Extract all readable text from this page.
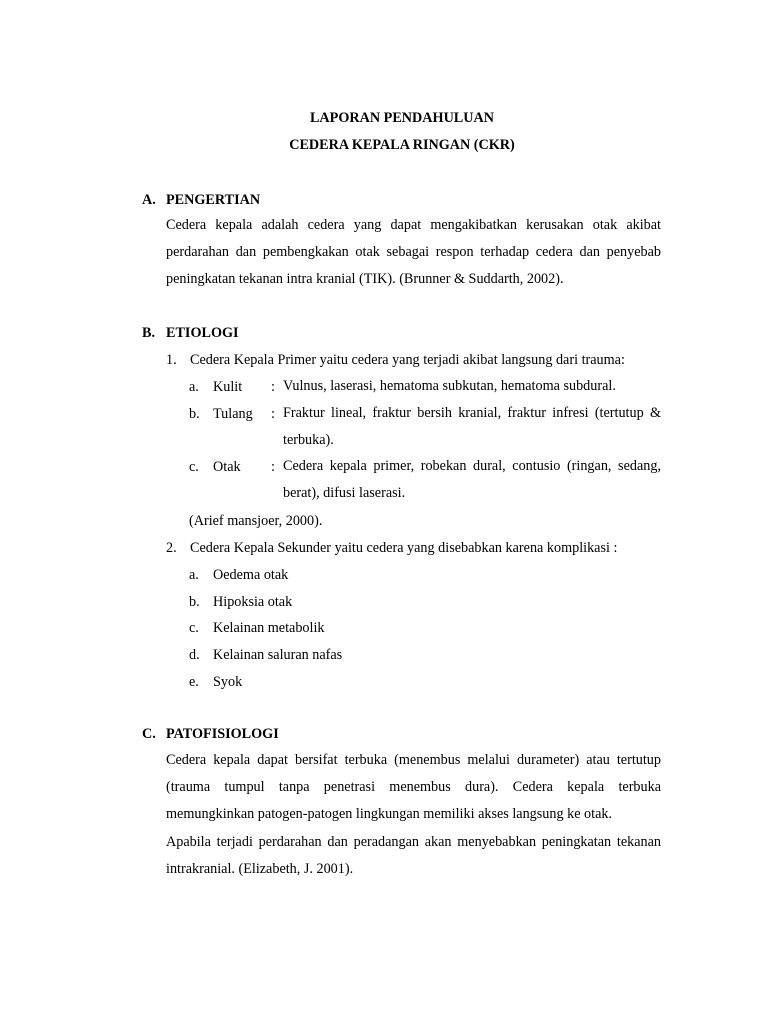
LAPORAN PENDAHULUAN
CEDERA KEPALA RINGAN (CKR)
A. PENGERTIAN
Cedera kepala adalah cedera yang dapat mengakibatkan kerusakan otak akibat perdarahan dan pembengkakan otak sebagai respon terhadap cedera dan penyebab peningkatan tekanan intra kranial (TIK). (Brunner & Suddarth, 2002).
B. ETIOLOGI
1. Cedera Kepala Primer yaitu cedera yang terjadi akibat langsung dari trauma:
a. Kulit : Vulnus, laserasi, hematoma subkutan, hematoma subdural.
b. Tulang : Fraktur lineal, fraktur bersih kranial, fraktur infresi (tertutup & terbuka).
c. Otak : Cedera kepala primer, robekan dural, contusio (ringan, sedang, berat), difusi laserasi.
(Arief mansjoer, 2000).
2. Cedera Kepala Sekunder yaitu cedera yang disebabkan karena komplikasi :
a. Oedema otak
b. Hipoksia otak
c. Kelainan metabolik
d. Kelainan saluran nafas
e. Syok
C. PATOFISIOLOGI
Cedera kepala dapat bersifat terbuka (menembus melalui durameter) atau tertutup (trauma tumpul tanpa penetrasi menembus dura). Cedera kepala terbuka memungkinkan patogen-patogen lingkungan memiliki akses langsung ke otak.
Apabila terjadi perdarahan dan peradangan akan menyebabkan peningkatan tekanan intrakranial. (Elizabeth, J. 2001).
